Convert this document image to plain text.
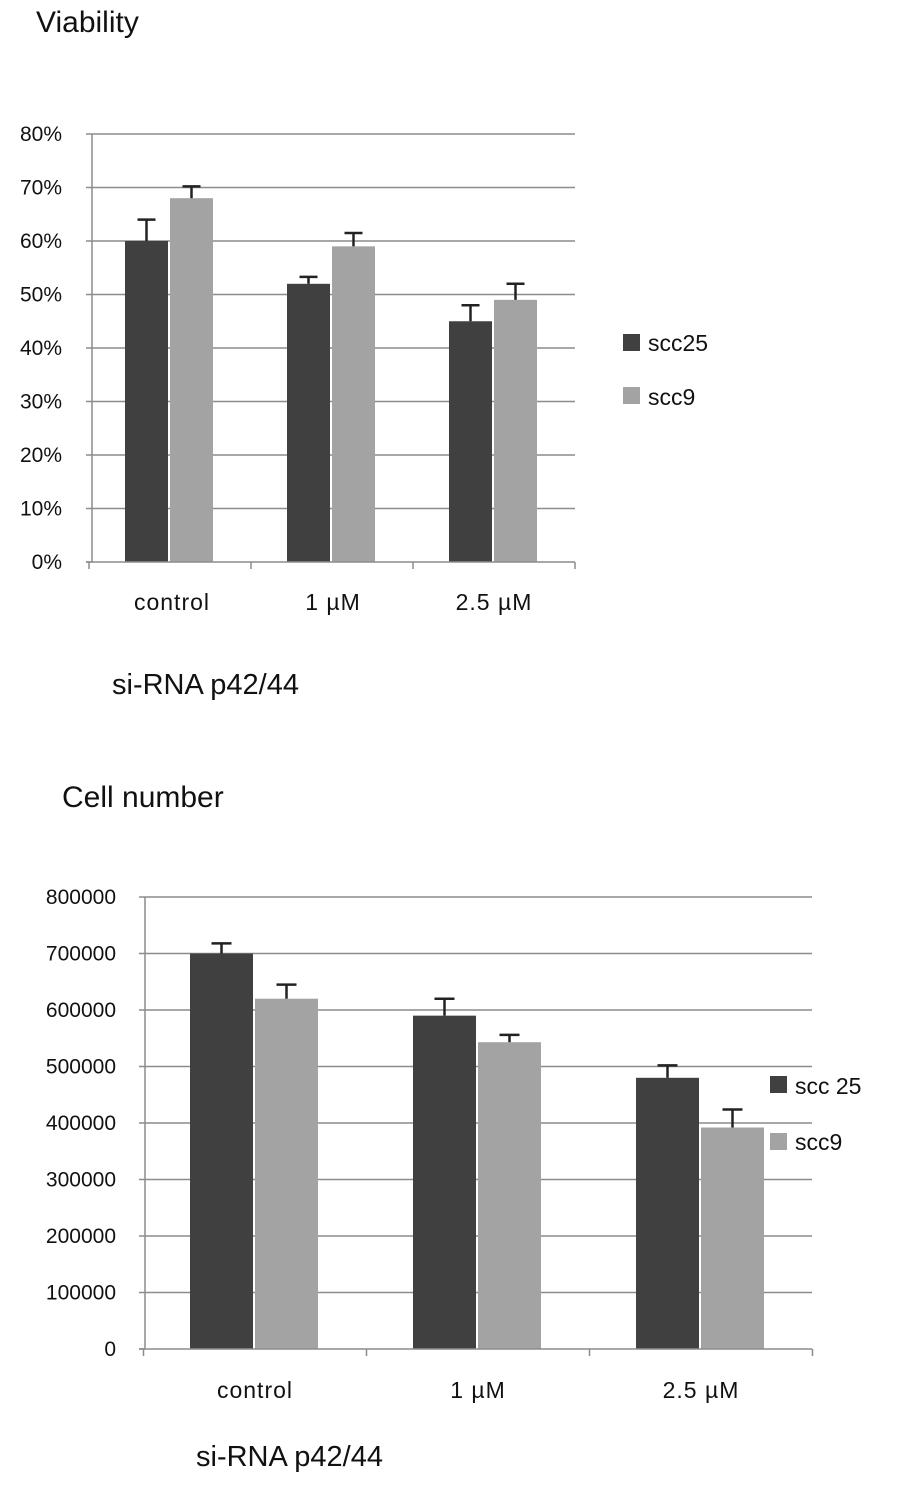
Viability
0%
10%
20%
30%
40%
50%
60%
70%
80%
control	1 µM	2.5 µM
si-RNA p42/44
scc25
scc9
Cell number
0
100000
200000
300000
400000
500000
600000
700000
800000
control	1 µM	2.5 µM
si-RNA p42/44
scc 25
scc9
